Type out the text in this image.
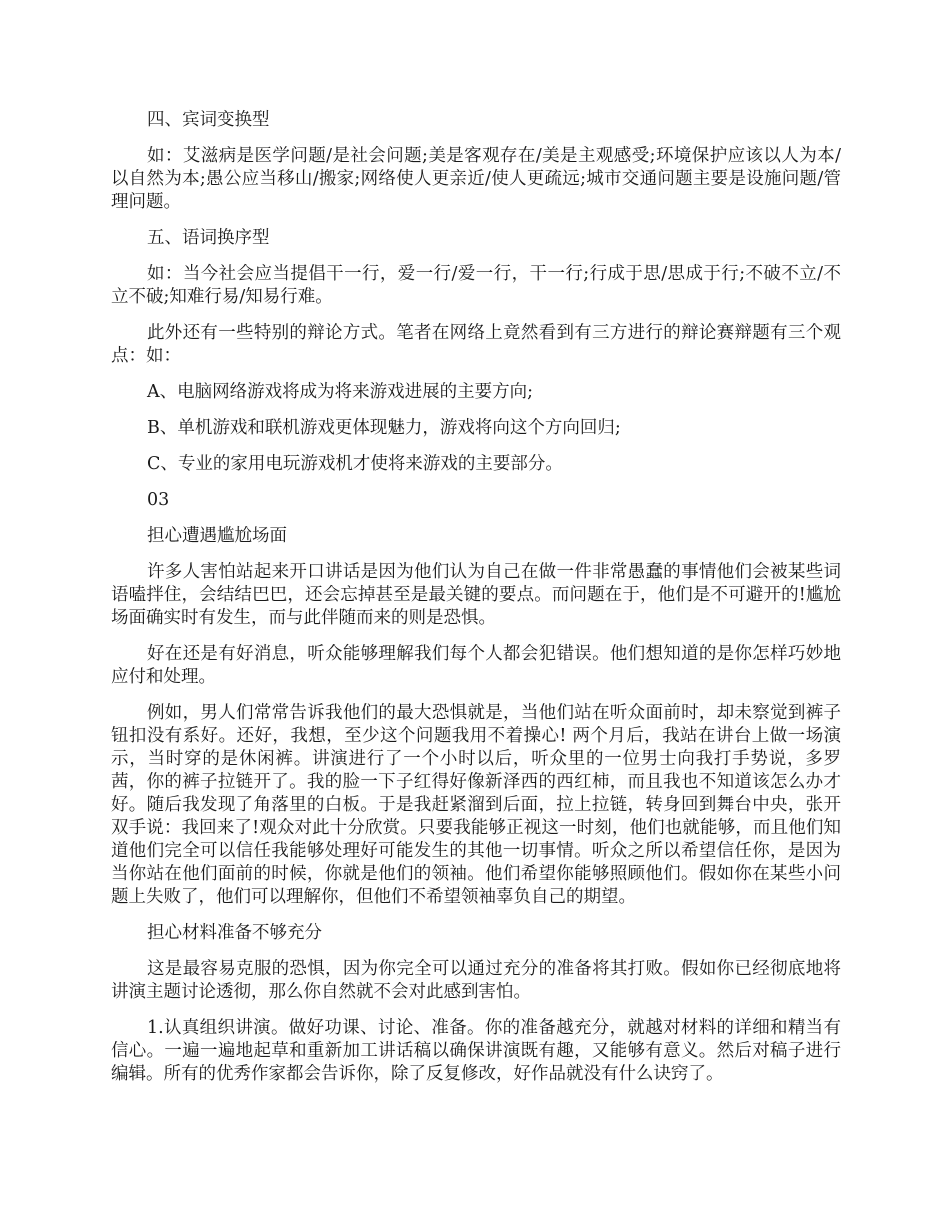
四、宾词变换型

如：艾滋病是医学问题/是社会问题;美是客观存在/美是主观感受;环境保护应该以人为本/以自然为本;愚公应当移山/搬家;网络使人更亲近/使人更疏远;城市交通问题主要是设施问题/管理问题。

五、语词换序型

如：当今社会应当提倡干一行，爱一行/爱一行，干一行;行成于思/思成于行;不破不立/不立不破;知难行易/知易行难。

此外还有一些特别的辩论方式。笔者在网络上竟然看到有三方进行的辩论赛辩题有三个观点：如：

A、电脑网络游戏将成为将来游戏进展的主要方向;

B、单机游戏和联机游戏更体现魅力，游戏将向这个方向回归;

C、专业的家用电玩游戏机才使将来游戏的主要部分。

03

担心遭遇尴尬场面

许多人害怕站起来开口讲话是因为他们认为自己在做一件非常愚蠢的事情他们会被某些词语嗑拌住，会结结巴巴，还会忘掉甚至是最关键的要点。而问题在于，他们是不可避开的!尴尬场面确实时有发生，而与此伴随而来的则是恐惧。

好在还是有好消息，听众能够理解我们每个人都会犯错误。他们想知道的是你怎样巧妙地应付和处理。

例如，男人们常常告诉我他们的最大恐惧就是，当他们站在听众面前时，却未察觉到裤子钮扣没有系好。还好，我想，至少这个问题我用不着操心! 两个月后，我站在讲台上做一场演示，当时穿的是休闲裤。讲演进行了一个小时以后，听众里的一位男士向我打手势说，多罗茜，你的裤子拉链开了。我的脸一下子红得好像新泽西的西红柿，而且我也不知道该怎么办才好。随后我发现了角落里的白板。于是我赶紧溜到后面，拉上拉链，转身回到舞台中央，张开双手说：我回来了!观众对此十分欣赏。只要我能够正视这一时刻，他们也就能够，而且他们知道他们完全可以信任我能够处理好可能发生的其他一切事情。听众之所以希望信任你，是因为当你站在他们面前的时候，你就是他们的领袖。他们希望你能够照顾他们。假如你在某些小问题上失败了，他们可以理解你，但他们不希望领袖辜负自己的期望。

担心材料准备不够充分

这是最容易克服的恐惧，因为你完全可以通过充分的准备将其打败。假如你已经彻底地将讲演主题讨论透彻，那么你自然就不会对此感到害怕。

1.认真组织讲演。做好功课、讨论、准备。你的准备越充分，就越对材料的详细和精当有信心。一遍一遍地起草和重新加工讲话稿以确保讲演既有趣，又能够有意义。然后对稿子进行编辑。所有的优秀作家都会告诉你，除了反复修改，好作品就没有什么诀窍了。
